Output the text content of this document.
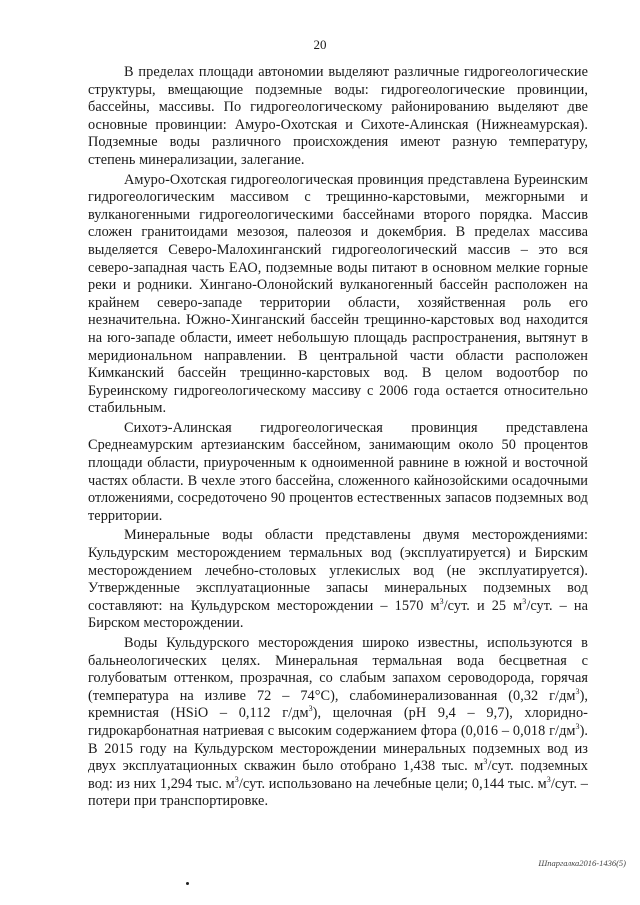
20

В пределах площади автономии выделяют различные гидрогеологические структуры, вмещающие подземные воды: гидрогеологические провинции, бассейны, массивы. По гидрогеологическому районированию выделяют две основные провинции: Амуро-Охотская и Сихоте-Алинская (Нижнеамурская). Подземные воды различного происхождения имеют разную температуру, степень минерализации, залегание.

Амуро-Охотская гидрогеологическая провинция представлена Буреинским гидрогеологическим массивом с трещинно-карстовыми, межгорными и вулканогенными гидрогеологическими бассейнами второго порядка. Массив сложен гранитоидами мезозоя, палеозоя и докембрия. В пределах массива выделяется Северо-Малохинганский гидрогеологический массив – это вся северо-западная часть ЕАО, подземные воды питают в основном мелкие горные реки и родники. Хингано-Олонойский вулканогенный бассейн расположен на крайнем северо-западе территории области, хозяйственная роль его незначительна. Южно-Хинганский бассейн трещинно-карстовых вод находится на юго-западе области, имеет небольшую площадь распространения, вытянут в меридиональном направлении. В центральной части области расположен Кимканский бассейн трещинно-карстовых вод. В целом водоотбор по Буреинскому гидрогеологическому массиву с 2006 года остается относительно стабильным.

Сихотэ-Алинская гидрогеологическая провинция представлена Среднеамурским артезианским бассейном, занимающим около 50 процентов площади области, приуроченным к одноименной равнине в южной и восточной частях области. В чехле этого бассейна, сложенного кайнозойскими осадочными отложениями, сосредоточено 90 процентов естественных запасов подземных вод территории.

Минеральные воды области представлены двумя месторождениями: Кульдурским месторождением термальных вод (эксплуатируется) и Бирским месторождением лечебно-столовых углекислых вод (не эксплуатируется). Утвержденные эксплуатационные запасы минеральных подземных вод составляют: на Кульдурском месторождении – 1570 $м^3$/сут. и 25 $м^3$/сут. – на Бирском месторождении.

Воды Кульдурского месторождения широко известны, используются в бальнеологических целях. Минеральная термальная вода бесцветная с голубоватым оттенком, прозрачная, со слабым запахом сероводорода, горячая (температура на изливе 72 – 74°С), слабоминерализованная (0,32 $г/дм^3$), кремнистая (HSiO – 0,112 $г/дм^3$), щелочная (pH 9,4 – 9,7), хлоридно-гидрокарбонатная натриевая с высоким содержанием фтора (0,016 – 0,018 $г/дм^3$). В 2015 году на Кульдурском месторождении минеральных подземных вод из двух эксплуатационных скважин было отобрано 1,438 тыс. $м^3$/сут. подземных вод: из них 1,294 тыс. $м^3$/сут. использовано на лечебные цели; 0,144 тыс. $м^3$/сут. – потери при транспортировке.

Шпаргалка2016-1436(5)
